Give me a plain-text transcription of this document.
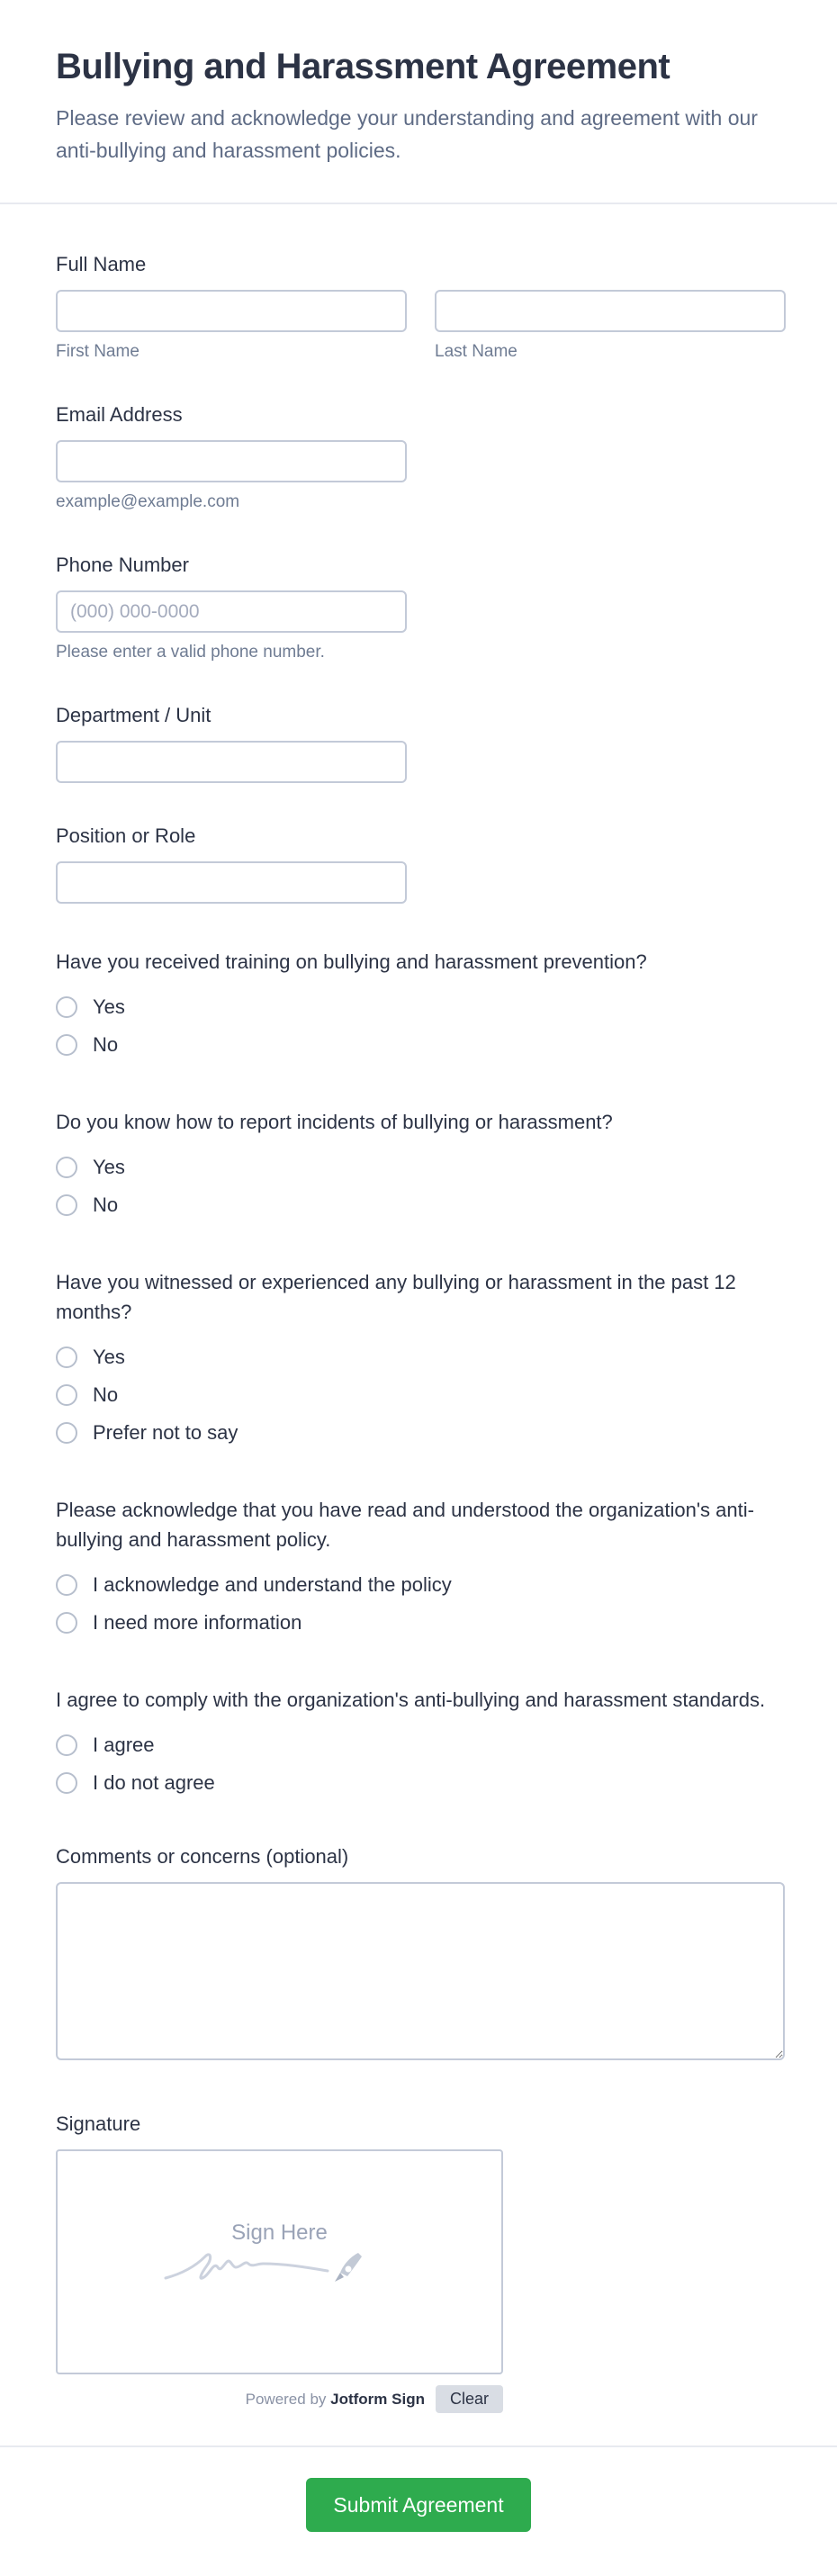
Bullying and Harassment Agreement

Please review and acknowledge your understanding and agreement with our anti-bullying and harassment policies.

Full Name
First Name	Last Name
Email Address
example@example.com
Phone Number
(000) 000-0000
Please enter a valid phone number.
Department / Unit
Position or Role
Have you received training on bullying and harassment prevention?
Yes
No
Do you know how to report incidents of bullying or harassment?
Yes
No
Have you witnessed or experienced any bullying or harassment in the past 12 months?
Yes
No
Prefer not to say
Please acknowledge that you have read and understood the organization's anti-bullying and harassment policy.
I acknowledge and understand the policy
I need more information
I agree to comply with the organization's anti-bullying and harassment standards.
I agree
I do not agree
Comments or concerns (optional)
Signature
Sign Here
Powered by Jotform Sign	Clear
Submit Agreement
